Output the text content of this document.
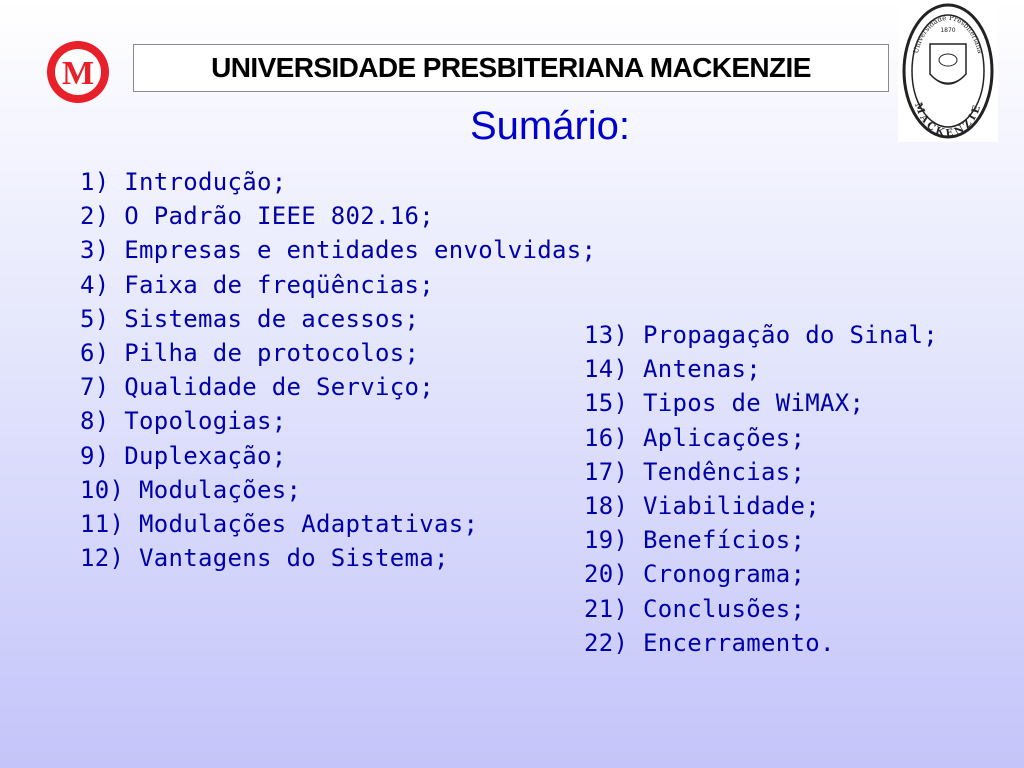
M	UNIVERSIDADE PRESBITERIANA MACKENZIE
Universidade Presbiteriana
MACKENZIE
1870
Sumário:
1) Introdução;
2) O Padrão IEEE 802.16;
3) Empresas e entidades envolvidas;
4) Faixa de freqüências;
5) Sistemas de acessos;
6) Pilha de protocolos;
7) Qualidade de Serviço;
8) Topologias;
9) Duplexação;
10) Modulações;
11) Modulações Adaptativas;
12) Vantagens do Sistema;
13) Propagação do Sinal;
14) Antenas;
15) Tipos de WiMAX;
16) Aplicações;
17) Tendências;
18) Viabilidade;
19) Benefícios;
20) Cronograma;
21) Conclusões;
22) Encerramento.
